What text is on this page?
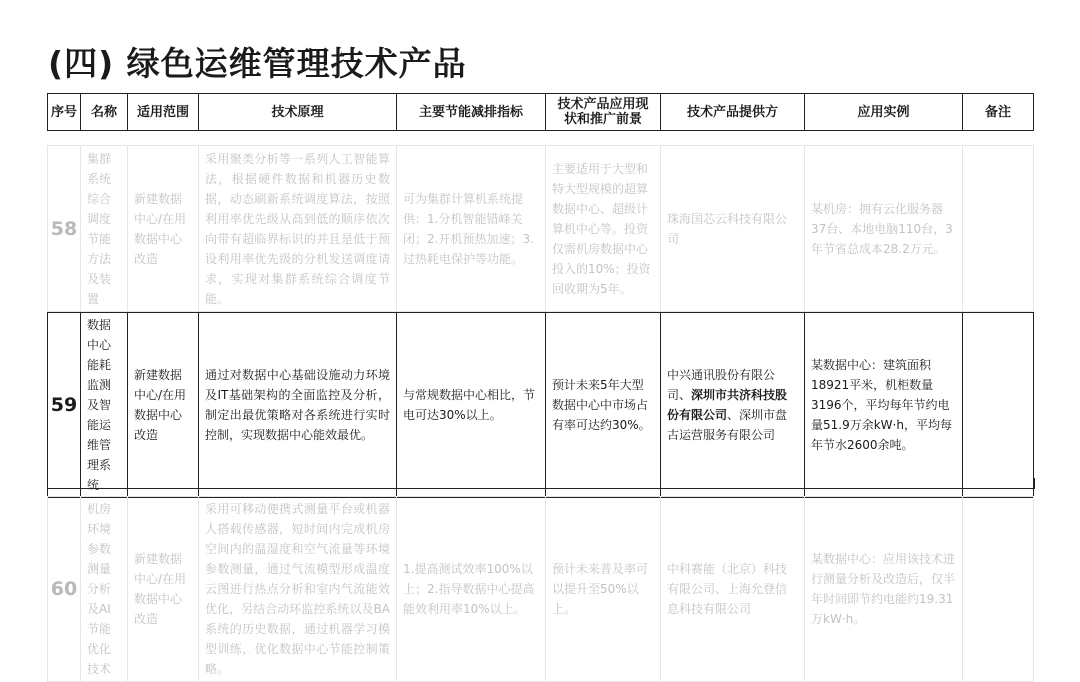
(四) 绿色运维管理技术产品
序号	名称	适用范围	技术原理	主要节能减排指标	技术产品应用现状和推广前景	技术产品提供方	应用实例	备注
58	集群系统综合调度节能方法及装置	新建数据中心/在用数据中心改造	采用聚类分析等一系列人工智能算法，根据硬件数据和机器历史数据，动态刷新系统调度算法，按照利用率优先级从高到低的顺序依次向带有超临界标识的并且是低于预设利用率优先级的分机发送调度请求，实现对集群系统综合调度节能。	可为集群计算机系统提供：1.分机智能错峰关闭；2.开机预热加速；3.过热耗电保护等功能。	主要适用于大型和特大型规模的超算数据中心、超级计算机中心等。投资仅需机房数据中心投入的10%；投资回收期为5年。	珠海国芯云科技有限公司	某机房：拥有云化服务器37台、本地电脑110台，3年节省总成本28.2万元。	
59	数据中心能耗监测及智能运维管理系统	新建数据中心/在用数据中心改造	通过对数据中心基础设施动力环境及IT基础架构的全面监控及分析，制定出最优策略对各系统进行实时控制，实现数据中心能效最优。	与常规数据中心相比，节电可达30%以上。	预计未来5年大型数据中心中市场占有率可达约30%。	中兴通讯股份有限公司、深圳市共济科技股份有限公司、深圳市盘古运营服务有限公司	某数据中心：建筑面积18921平米，机柜数量3196个，平均每年节约电量51.9万余kW·h，平均每年节水2600余吨。	
60	机房环境参数测量分析及AI节能优化技术	新建数据中心/在用数据中心改造	采用可移动便携式测量平台或机器人搭载传感器，短时间内完成机房空间内的温湿度和空气流量等环境参数测量，通过气流模型形成温度云图进行热点分析和室内气流能效优化，另结合动环监控系统以及BA系统的历史数据，通过机器学习模型训练，优化数据中心节能控制策略。	1.提高测试效率100%以上；2.指导数据中心提高能效利用率10%以上。	预计未来普及率可以提升至50%以上。	中科赛能（北京）科技有限公司、上海允登信息科技有限公司	某数据中心：应用该技术进行测量分析及改造后，仅半年时间即节约电能约19.31万kW·h。	
